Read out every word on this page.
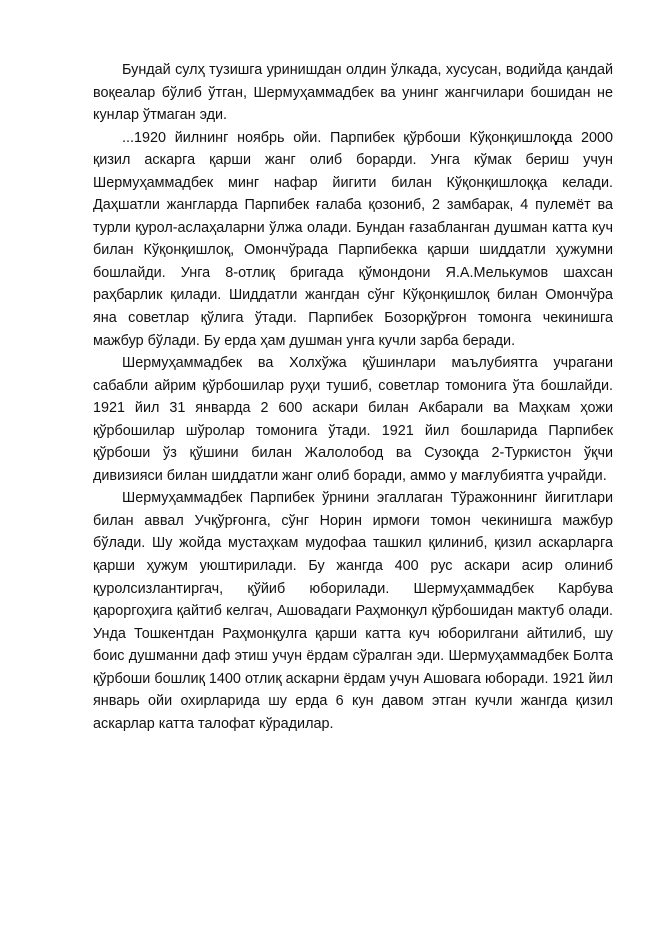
Бундай сулҳ тузишга уринишдан олдин ўлкада, хусусан, водийда қандай воқеалар бўлиб ўтган, Шермуҳаммадбек ва унинг жангчилари бошидан не кунлар ўтмаган эди.

...1920 йилнинг ноябрь ойи. Парпибек қўрбоши Кўқонқишлоқда 2000 қизил аскарга қарши жанг олиб борарди. Унга кўмак бериш учун Шермуҳаммадбек минг нафар йигити билан Кўқонқишлоққа келади. Даҳшатли жангларда Парпибек ғалаба қозониб, 2 замбарак, 4 пулемёт ва турли қурол-аслаҳаларни ўлжа олади. Бундан ғазабланган душман катта куч билан Кўқонқишлоқ, Омончўрада Парпибекка қарши шиддатли ҳужумни бошлайди. Унга 8-отлиқ бригада қўмондони Я.А.Мелькумов шахсан раҳбарлик қилади. Шиддатли жангдан сўнг Кўқонқишлоқ билан Омончўра яна советлар қўлига ўтади. Парпибек Бозорқўрғон томонга чекинишга мажбур бўлади. Бу ерда ҳам душман унга кучли зарба беради.

Шермуҳаммадбек ва Холхўжа қўшинлари маълубиятга учрагани сабабли айрим қўрбошилар руҳи тушиб, советлар томонига ўта бошлайди. 1921 йил 31 январда 2 600 аскари билан Акбарали ва Маҳкам ҳожи қўрбошилар шўролар томонига ўтади. 1921 йил бошларида Парпибек қўрбоши ўз қўшини билан Жалолобод ва Сузоқда 2-Туркистон ўқчи дивизияси билан шиддатли жанг олиб боради, аммо у мағлубиятга учрайди.

Шермуҳаммадбек Парпибек ўрнини эгаллаган Тўражоннинг йигитлари билан аввал Учқўрғонга, сўнг Норин ирмоғи томон чекинишга мажбур бўлади. Шу жойда мустаҳкам мудофаа ташкил қилиниб, қизил аскарларга қарши ҳужум уюштирилади. Бу жангда 400 рус аскари асир олиниб қуролсизлантиргач, қўйиб юборилади. Шермуҳаммадбек Карбува қароргоҳига қайтиб келгач, Ашовадаги Раҳмонқул қўрбошидан мактуб олади. Унда Тошкентдан Раҳмонқулга қарши катта куч юборилгани айтилиб, шу боис душманни даф этиш учун ёрдам сўралган эди. Шермуҳаммадбек Болта қўрбоши бошлиқ 1400 отлиқ аскарни ёрдам учун Ашовага юборади. 1921 йил январь ойи охирларида шу ерда 6 кун давом этган кучли жангда қизил аскарлар катта талофат кўрадилар.
